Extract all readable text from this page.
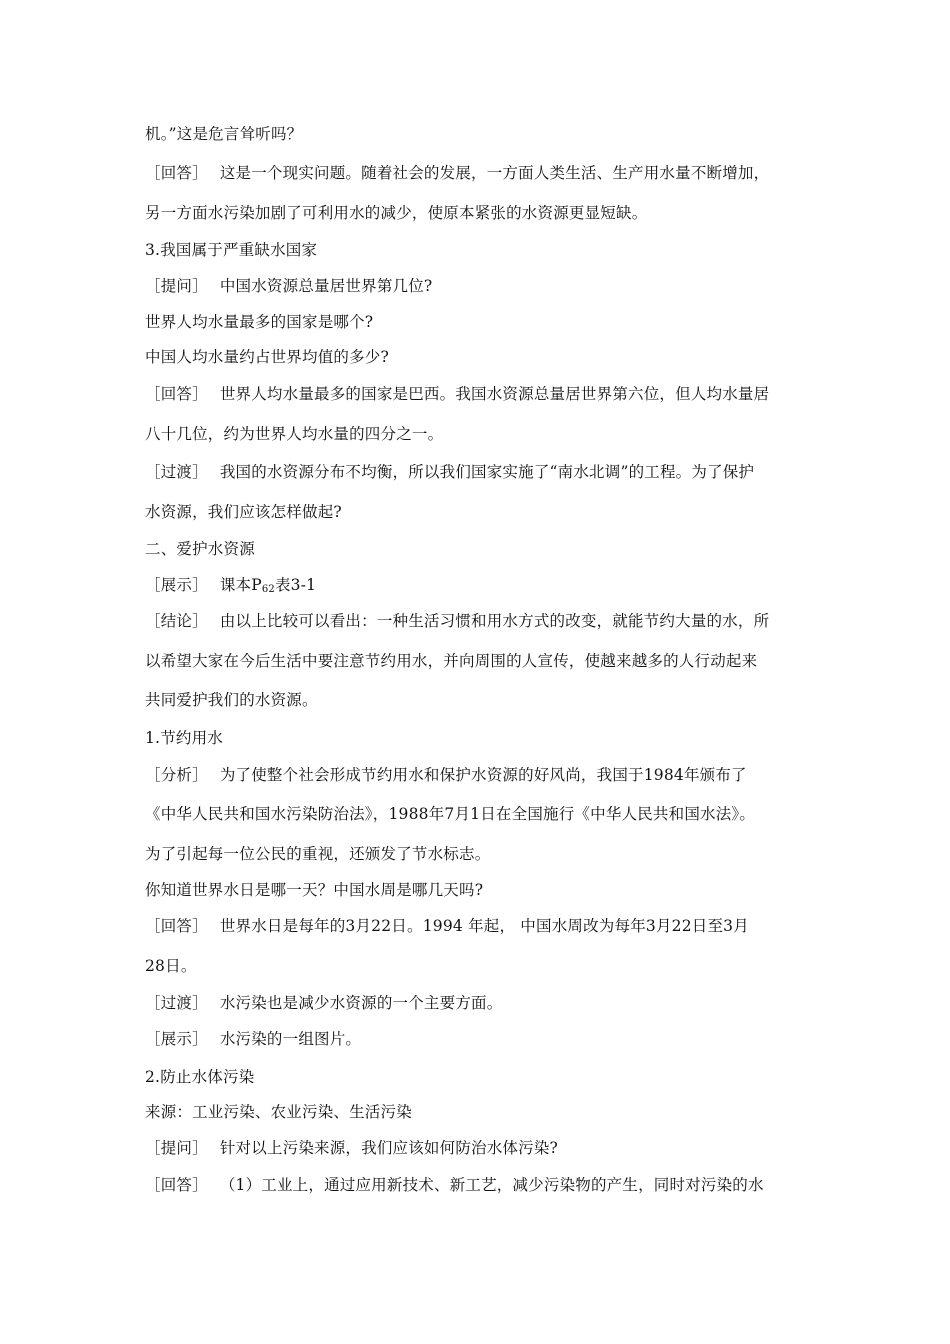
机。”这是危言耸听吗？
［回答］ 这是一个现实问题。随着社会的发展，一方面人类生活、生产用水量不断增加，
另一方面水污染加剧了可利用水的减少，使原本紧张的水资源更显短缺。
3.我国属于严重缺水国家
［提问］ 中国水资源总量居世界第几位?
世界人均水量最多的国家是哪个?
中国人均水量约占世界均值的多少?
［回答］ 世界人均水量最多的国家是巴西。我国水资源总量居世界第六位，但人均水量居
八十几位，约为世界人均水量的四分之一。
［过渡］ 我国的水资源分布不均衡，所以我们国家实施了“南水北调”的工程。为了保护
水资源，我们应该怎样做起?
二、爱护水资源
［展示］ 课本$P_{62}$表3-1
［结论］ 由以上比较可以看出：一种生活习惯和用水方式的改变，就能节约大量的水，所
以希望大家在今后生活中要注意节约用水，并向周围的人宣传，使越来越多的人行动起来
共同爱护我们的水资源。
1.节约用水
［分析］ 为了使整个社会形成节约用水和保护水资源的好风尚，我国于1984年颁布了
《中华人民共和国水污染防治法》，1988年7月1日在全国施行《中华人民共和国水法》。
为了引起每一位公民的重视，还颁发了节水标志。
你知道世界水日是哪一天？中国水周是哪几天吗?
［回答］ 世界水日是每年的3月22日。1994 年起， 中国水周改为每年3月22日至3月
28日。
［过渡］ 水污染也是减少水资源的一个主要方面。
［展示］ 水污染的一组图片。
2.防止水体污染
来源：工业污染、农业污染、生活污染
［提问］ 针对以上污染来源，我们应该如何防治水体污染?
［回答］ （1）工业上，通过应用新技术、新工艺，减少污染物的产生，同时对污染的水
